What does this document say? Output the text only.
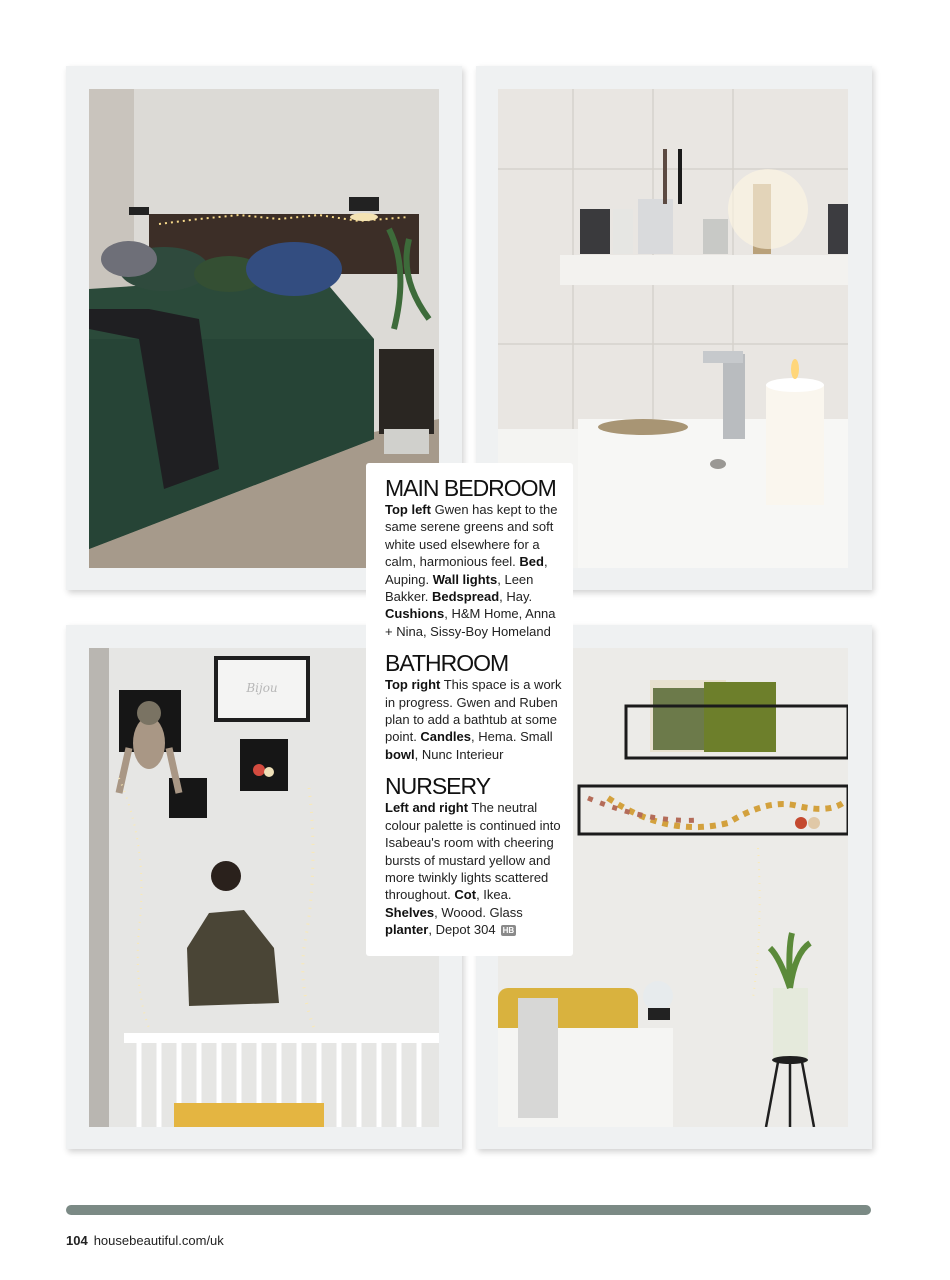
Bijou
MAIN BEDROOM

Top left Gwen has kept to the same serene greens and soft white used elsewhere for a calm, harmonious feel. Bed, Auping. Wall lights, Leen Bakker. Bedspread, Hay. Cushions, H&M Home, Anna + Nina, Sissy-Boy Homeland

BATHROOM

Top right This space is a work in progress. Gwen and Ruben plan to add a bathtub at some point. Candles, Hema. Small bowl, Nunc Interieur

NURSERY

Left and right The neutral colour palette is continued into Isabeau's room with cheering bursts of mustard yellow and more twinkly lights scattered throughout. Cot, Ikea. Shelves, Woood. Glass planter, Depot 304 HB

104 housebeautiful.com/uk
